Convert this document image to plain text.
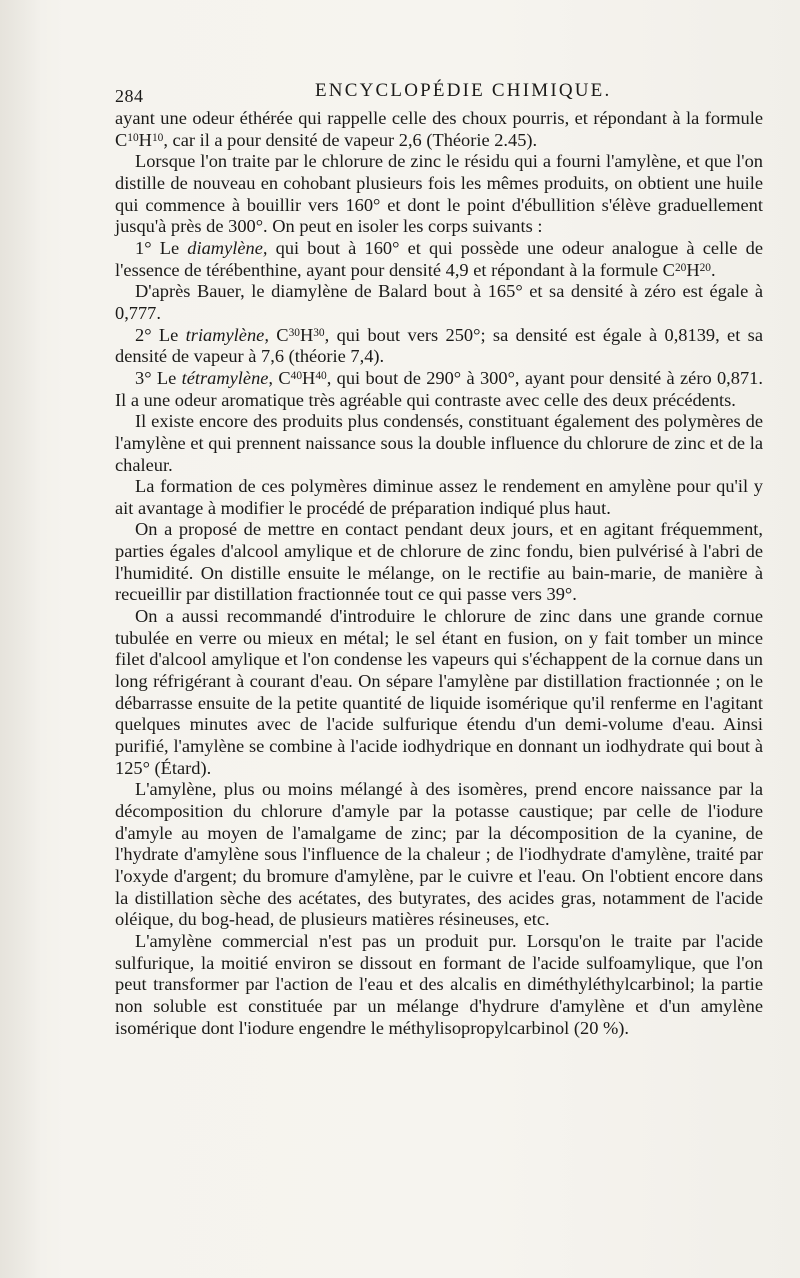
284	ENCYCLOPÉDIE CHIMIQUE.

ayant une odeur éthérée qui rappelle celle des choux pourris, et répondant à la formule $C^{10}H^{10}$, car il a pour densité de vapeur 2,6 (Théorie 2.45).

Lorsque l'on traite par le chlorure de zinc le résidu qui a fourni l'amylène, et que l'on distille de nouveau en cohobant plusieurs fois les mêmes produits, on obtient une huile qui commence à bouillir vers 160° et dont le point d'ébullition s'élève graduellement jusqu'à près de 300°. On peut en isoler les corps suivants :

1° Le diamylène, qui bout à 160° et qui possède une odeur analogue à celle de l'essence de térébenthine, ayant pour densité 4,9 et répondant à la formule $C^{20}H^{20}$.

D'après Bauer, le diamylène de Balard bout à 165° et sa densité à zéro est égale à 0,777.

2° Le triamylène, $C^{30}H^{30}$, qui bout vers 250°; sa densité est égale à 0,8139, et sa densité de vapeur à 7,6 (théorie 7,4).

3° Le tétramylène, $C^{40}H^{40}$, qui bout de 290° à 300°, ayant pour densité à zéro 0,871. Il a une odeur aromatique très agréable qui contraste avec celle des deux précédents.

Il existe encore des produits plus condensés, constituant également des polymères de l'amylène et qui prennent naissance sous la double influence du chlorure de zinc et de la chaleur.

La formation de ces polymères diminue assez le rendement en amylène pour qu'il y ait avantage à modifier le procédé de préparation indiqué plus haut.

On a proposé de mettre en contact pendant deux jours, et en agitant fréquemment, parties égales d'alcool amylique et de chlorure de zinc fondu, bien pulvérisé à l'abri de l'humidité. On distille ensuite le mélange, on le rectifie au bain-marie, de manière à recueillir par distillation fractionnée tout ce qui passe vers 39°.

On a aussi recommandé d'introduire le chlorure de zinc dans une grande cornue tubulée en verre ou mieux en métal; le sel étant en fusion, on y fait tomber un mince filet d'alcool amylique et l'on condense les vapeurs qui s'échappent de la cornue dans un long réfrigérant à courant d'eau. On sépare l'amylène par distillation fractionnée ; on le débarrasse ensuite de la petite quantité de liquide isomérique qu'il renferme en l'agitant quelques minutes avec de l'acide sulfurique étendu d'un demi-volume d'eau. Ainsi purifié, l'amylène se combine à l'acide iodhydrique en donnant un iodhydrate qui bout à 125° (Étard).

L'amylène, plus ou moins mélangé à des isomères, prend encore naissance par la décomposition du chlorure d'amyle par la potasse caustique; par celle de l'iodure d'amyle au moyen de l'amalgame de zinc; par la décomposition de la cyanine, de l'hydrate d'amylène sous l'influence de la chaleur ; de l'iodhydrate d'amylène, traité par l'oxyde d'argent; du bromure d'amylène, par le cuivre et l'eau. On l'obtient encore dans la distillation sèche des acétates, des butyrates, des acides gras, notamment de l'acide oléique, du bog-head, de plusieurs matières résineuses, etc.

L'amylène commercial n'est pas un produit pur. Lorsqu'on le traite par l'acide sulfurique, la moitié environ se dissout en formant de l'acide sulfoamylique, que l'on peut transformer par l'action de l'eau et des alcalis en diméthyléthylcarbinol; la partie non soluble est constituée par un mélange d'hydrure d'amylène et d'un amylène isomérique dont l'iodure engendre le méthylisopropylcarbinol (20 %).
